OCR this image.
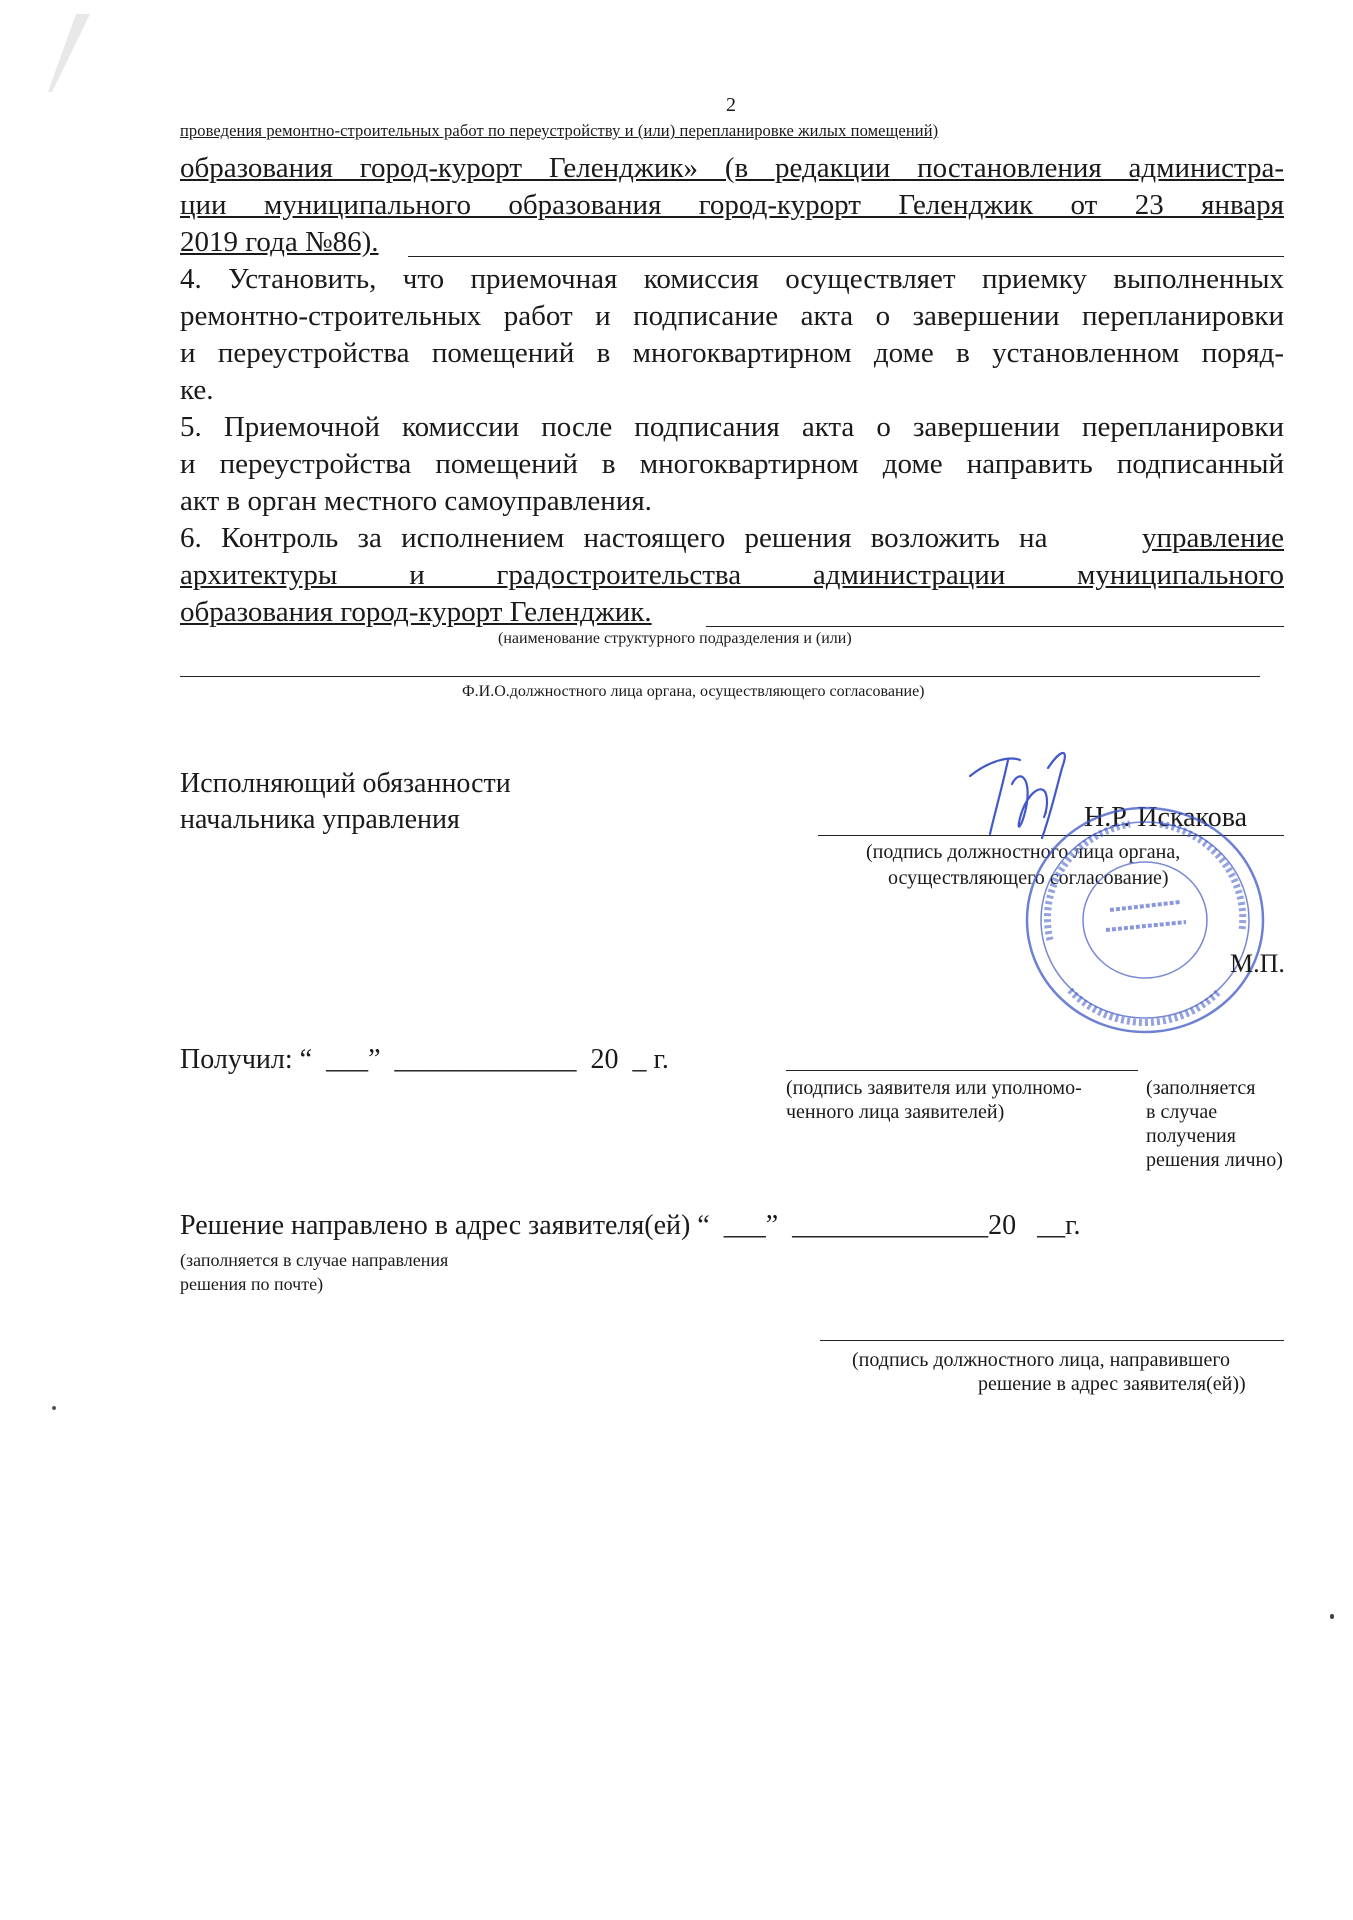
2
проведения ремонтно-строительных работ по переустройству и (или) перепланировке жилых помещений)
образования город-курорт Геленджик» (в редакции постановления администра-
ции муниципального образования город-курорт Геленджик от 23 января
2019 года №86).
4. Установить, что приемочная комиссия осуществляет приемку выполненных
ремонтно-строительных работ и подписание акта о завершении перепланировки
и переустройства помещений в многоквартирном доме в установленном поряд-
ке.
5. Приемочной комиссии после подписания акта о завершении перепланировки
и переустройства помещений в многоквартирном доме направить подписанный
акт в орган местного самоуправления.
6. Контроль за исполнением настоящего решения возложить на	управление
архитектуры и градостроительства администрации муниципального
образования город-курорт Геленджик.
(наименование структурного подразделения и (или)
Ф.И.О.должностного лица органа, осуществляющего согласование)
Исполняющий обязанности
начальника управления	Н.Р. Искакова
(подпись должностного лица органа,
осуществляющего согласование)
М.П.
Получил: “  ___”  _____________  20  _ г.
(подпись заявителя или уполномо-
ченного лица заявителей)
(заполняется
в случае
получения
решения лично)
Решение направлено в адрес заявителя(ей) “  ___”  ______________20   __г.
(заполняется в случае направления
решения по почте)
(подпись должностного лица, направившего
решение в адрес заявителя(ей))
